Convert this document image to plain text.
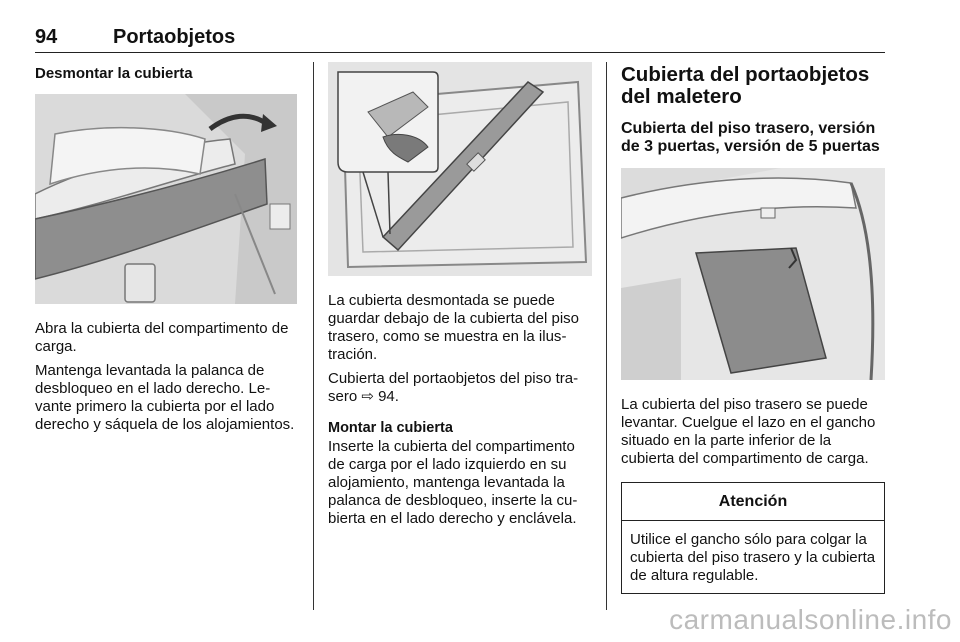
94	Portaobjetos
Desmontar la cubierta

Abra la cubierta del compartimento de carga.

Mantenga levantada la palanca de desbloqueo en el lado derecho. Levante primero la cubierta por el lado derecho y sáquela de los alojamientos.

La cubierta desmontada se puede guardar debajo de la cubierta del piso trasero, como se muestra en la ilustración.

Cubierta del portaobjetos del piso trasero ⇨ 94.

Montar la cubierta

Inserte la cubierta del compartimento de carga por el lado izquierdo en su alojamiento, mantenga levantada la palanca de desbloqueo, inserte la cubierta en el lado derecho y enclávela.

Cubierta del portaobjetos del maletero
Cubierta del piso trasero, versión de 3 puertas, versión de 5 puertas

La cubierta del piso trasero se puede levantar. Cuelgue el lazo en el gancho situado en la parte inferior de la cubierta del compartimento de carga.

Atención
Utilice el gancho sólo para colgar la cubierta del piso trasero y la cubierta de altura regulable.
carmanualsonline.info
